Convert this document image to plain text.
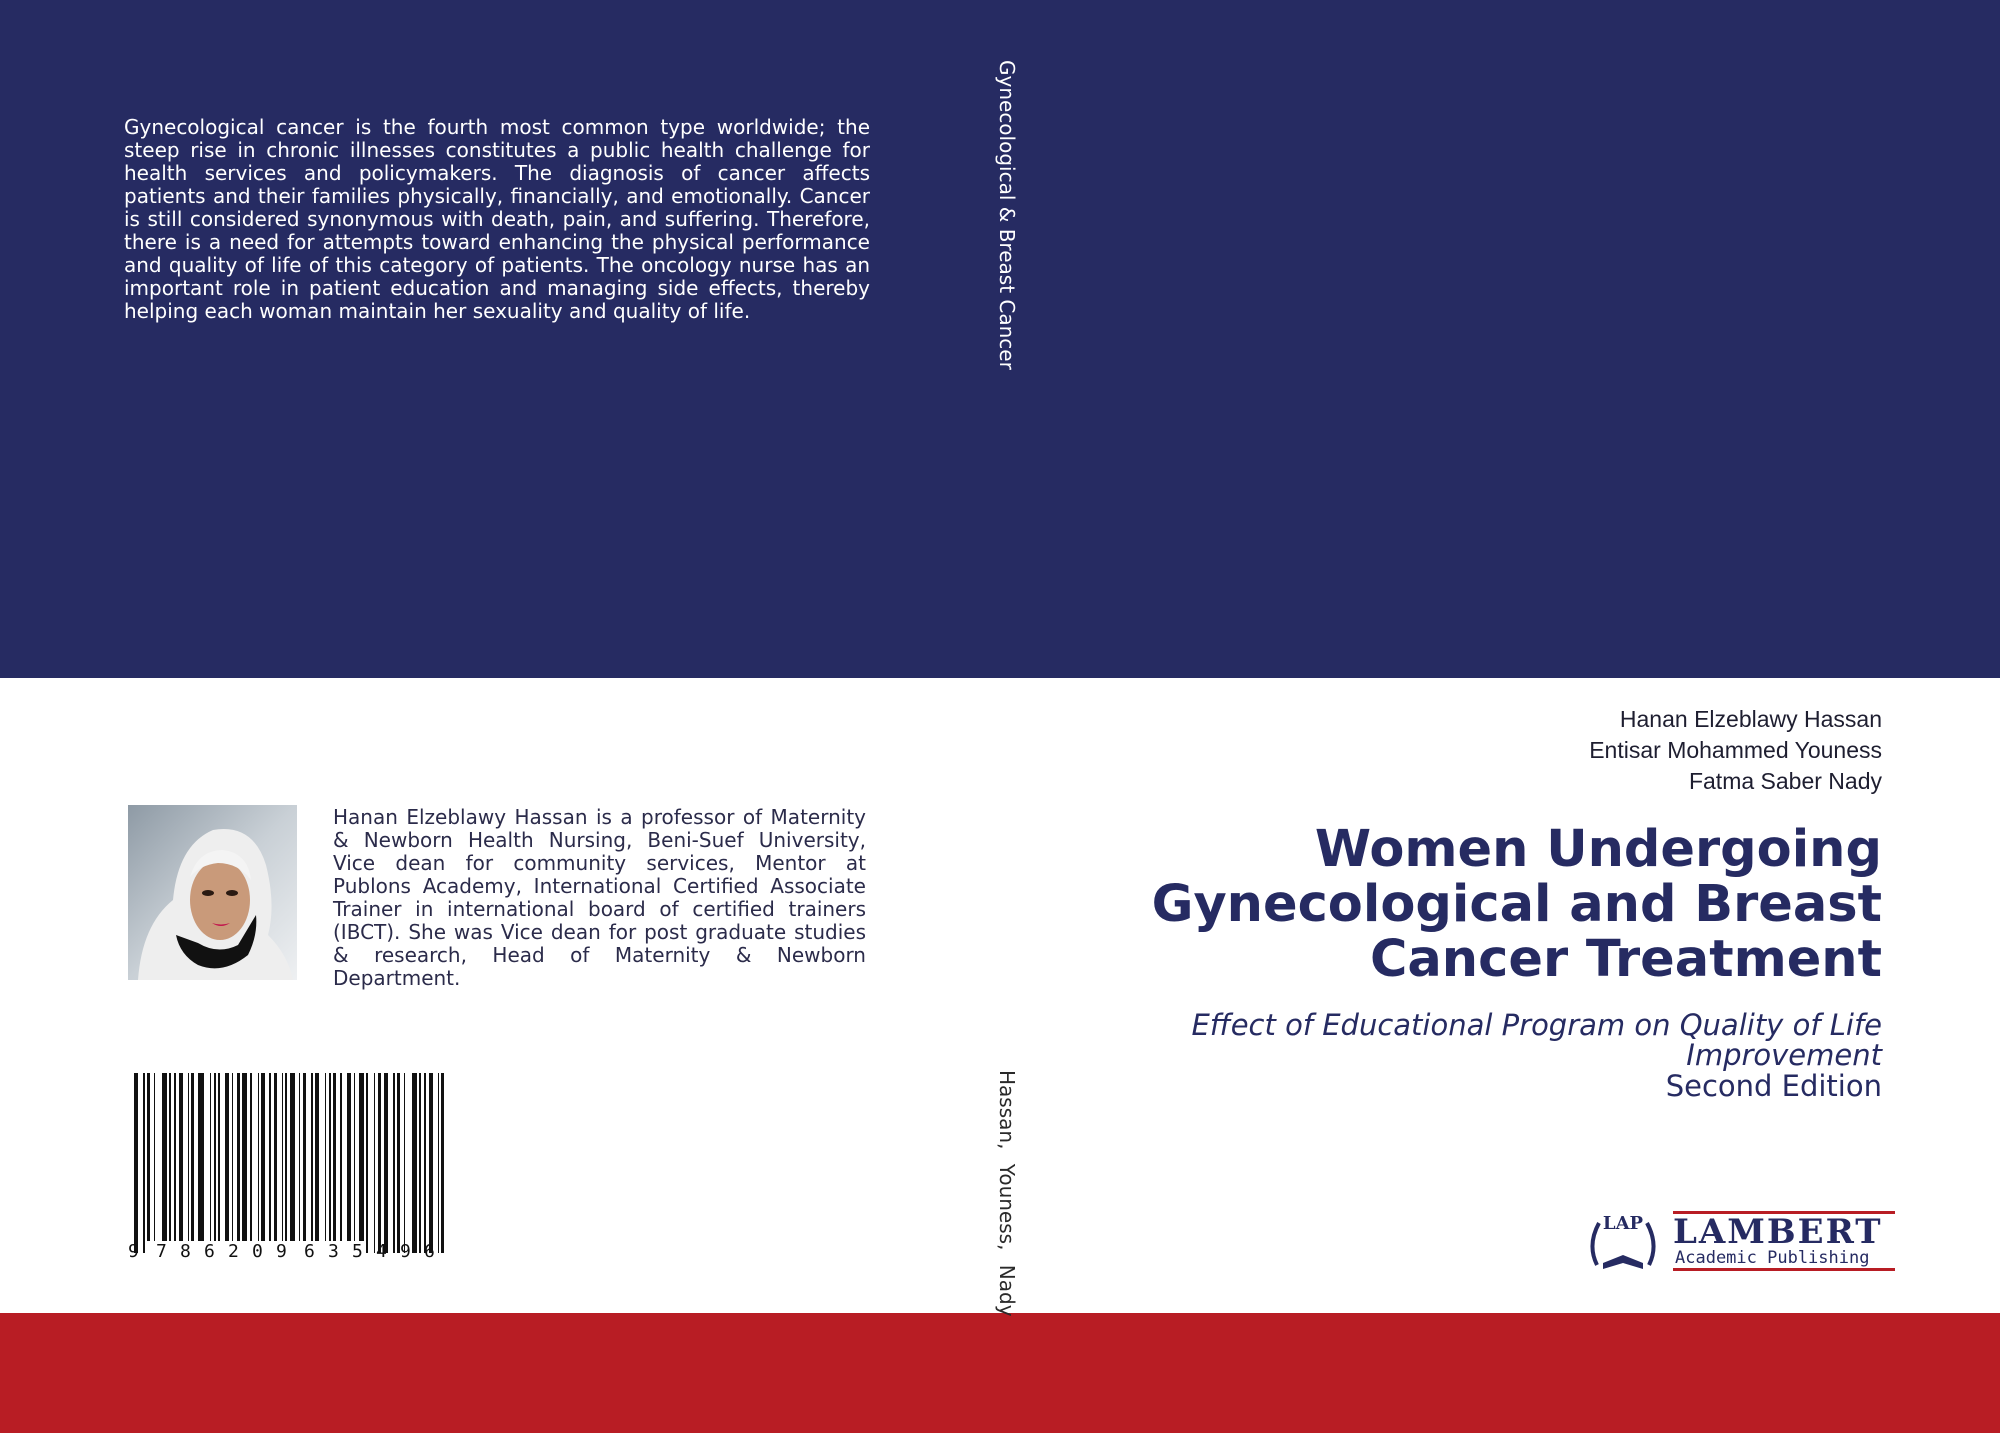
Gynecological cancer is the fourth most common type worldwide; the steep rise in chronic illnesses constitutes a public health challenge for health services and policymakers. The diagnosis of cancer affects patients and their families physically, financially, and emotionally. Cancer is still considered synonymous with death, pain, and suffering. Therefore, there is a need for attempts toward enhancing the physical performance and quality of life of this category of patients. The oncology nurse has an important role in patient education and managing side effects, thereby helping each woman maintain her sexuality and quality of life.	Gynecological & Breast Cancer
Hassan, Youness, Nady
Hanan Elzeblawy Hassan is a professor of Maternity & Newborn Health Nursing, Beni-Suef University, Vice dean for community services, Mentor at Publons Academy, International Certified Associate Trainer in international board of certified trainers (IBCT). She was Vice dean for post graduate studies & research, Head of Maternity & Newborn Department.
9 7 8 6 2 0 9 6 3 5 4 9 6
Hanan Elzeblawy Hassan
Entisar Mohammed Youness
Fatma Saber Nady
Women Undergoing Gynecological and Breast Cancer Treatment
Effect of Educational Program on Quality of Life Improvement
Second Edition
LAP LAMBERT
Academic Publishing
